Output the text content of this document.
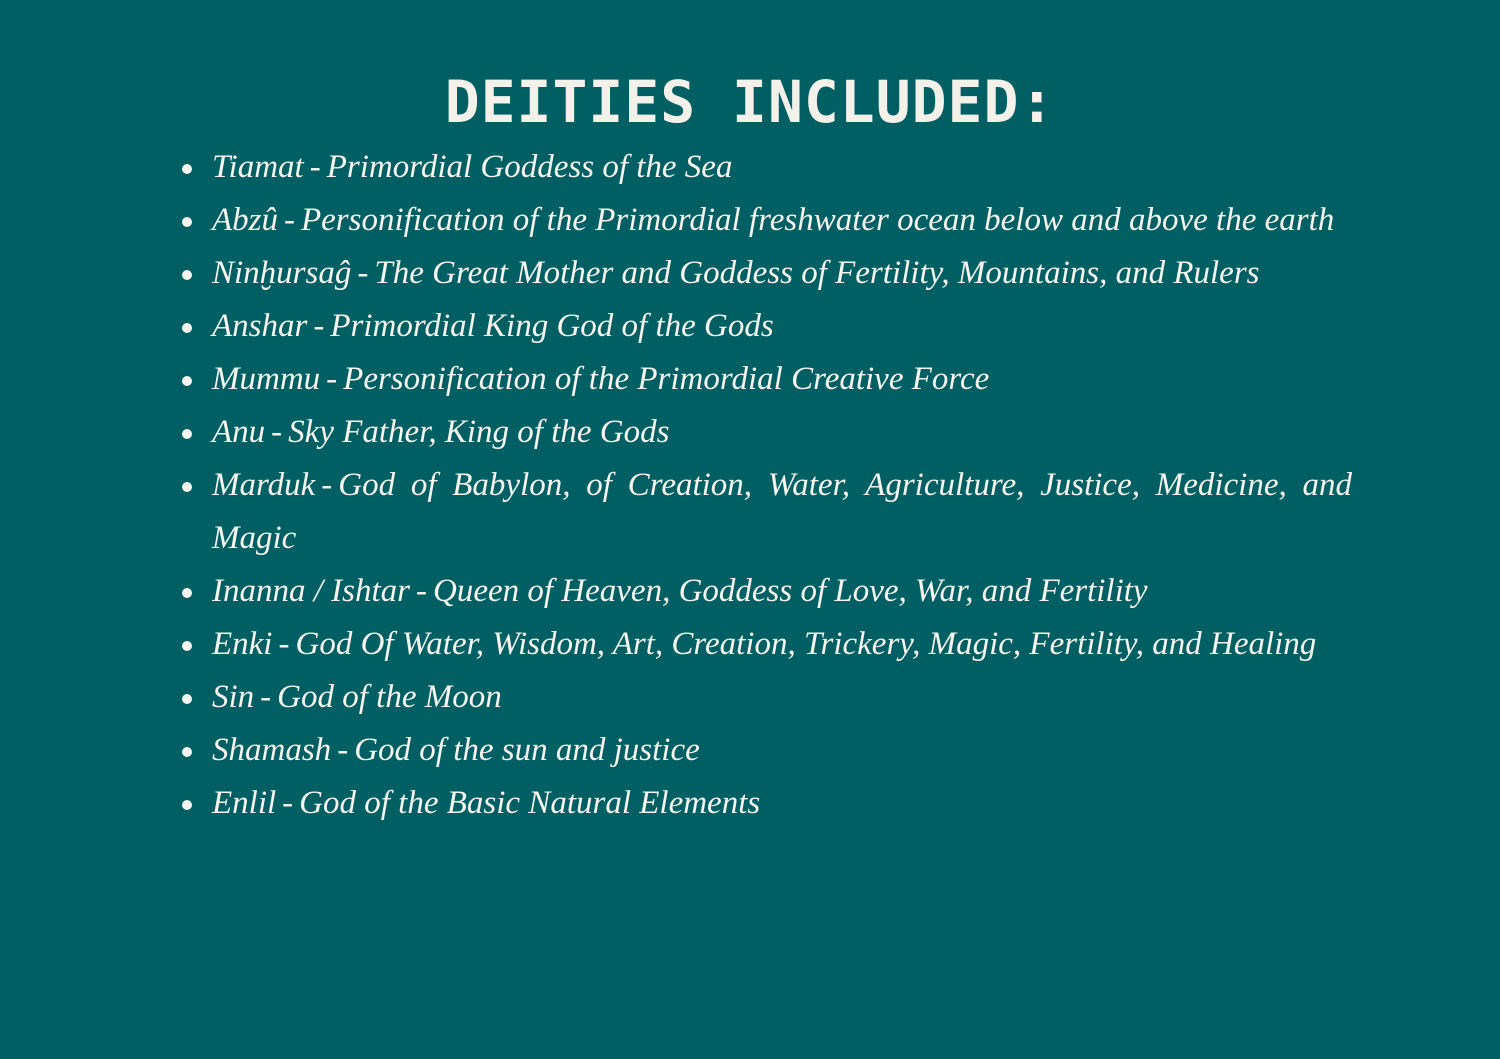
DEITIES INCLUDED:
Tiamat - Primordial Goddess of the Sea
Abzû - Personification of the Primordial freshwater ocean below and above the earth
Ninḫursaĝ - The Great Mother and Goddess of Fertility, Mountains, and Rulers
Anshar - Primordial King God of the Gods
Mummu - Personification of the Primordial Creative Force
Anu - Sky Father, King of the Gods
Marduk - God of Babylon, of Creation, Water, Agriculture, Justice, Medicine, and Magic
Inanna / Ishtar - Queen of Heaven, Goddess of Love, War, and Fertility
Enki - God Of Water, Wisdom, Art, Creation, Trickery, Magic, Fertility, and Healing
Sin - God of the Moon
Shamash - God of the sun and justice
Enlil - God of the Basic Natural Elements
